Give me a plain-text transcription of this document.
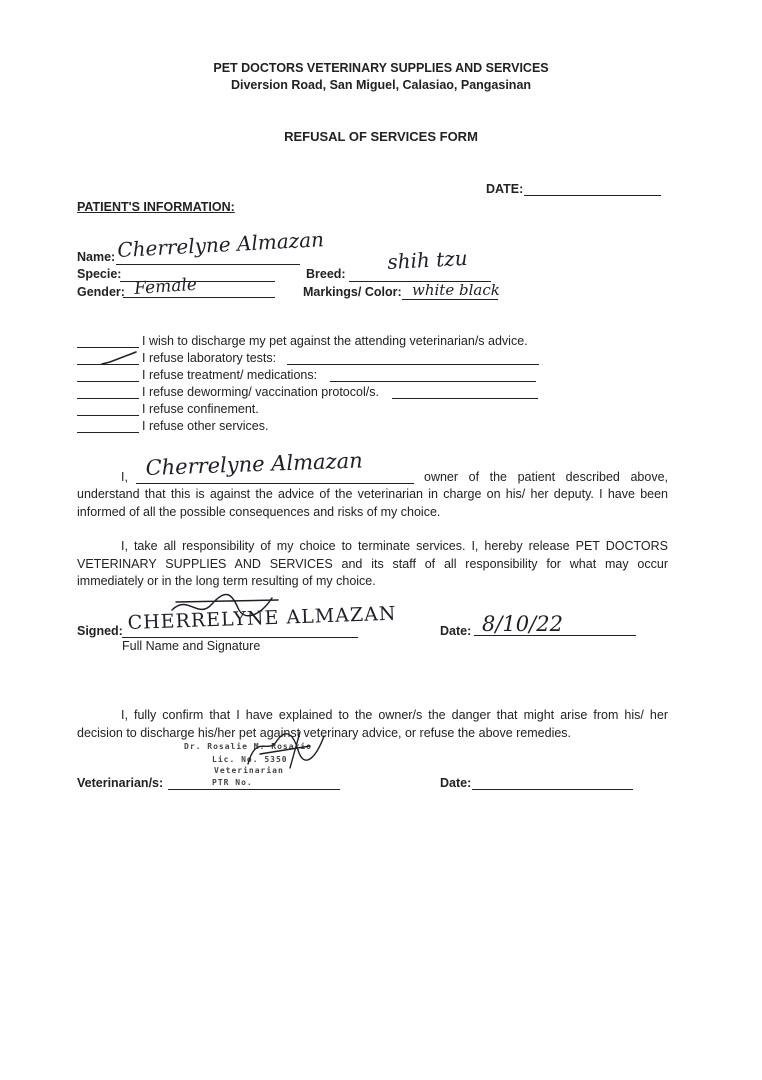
PET DOCTORS VETERINARY SUPPLIES AND SERVICES
Diversion Road, San Miguel, Calasiao, Pangasinan
REFUSAL OF SERVICES FORM
DATE:
PATIENT'S INFORMATION:
Name: Cherrelyne Almazan
Specie:
Gender: Female
Breed: shih tzu
Markings/ Color: white black
I wish to discharge my pet against the attending veterinarian/s advice.
I refuse laboratory tests:
I refuse treatment/ medications:
I refuse deworming/ vaccination protocol/s.
I refuse confinement.
I refuse other services.
I, Cherrelyne Almazan	owner of the patient described above,
understand that this is against the advice of the veterinarian in charge on his/ her deputy. I have been informed of all the possible consequences and risks of my choice.
I, take all responsibility of my choice to terminate services. I, hereby release PET DOCTORS VETERINARY SUPPLIES AND SERVICES and its staff of all responsibility for what may occur immediately or in the long term resulting of my choice.
Signed: CHERRELYNE ALMAZAN
Full Name and Signature
Date: 8/10/22
I, fully confirm that I have explained to the owner/s the danger that might arise from his/ her decision to discharge his/her pet against veterinary advice, or refuse the above remedies.
Dr. Rosalie M. Rosario
Lic. No. 5350
Veterinarian
PTR No.
Veterinarian/s:	Date:
